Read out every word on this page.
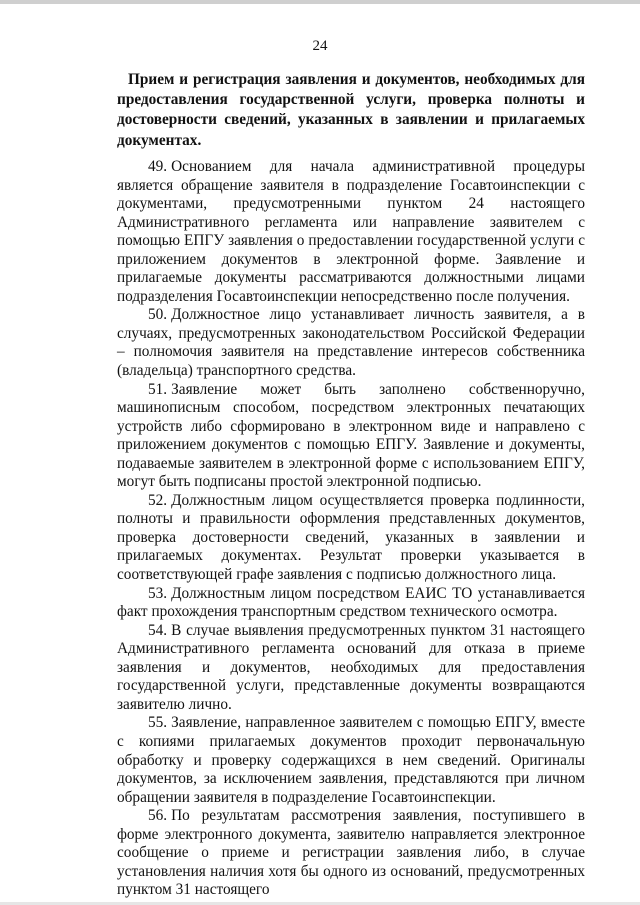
24
Прием и регистрация заявления и документов, необходимых для предоставления государственной услуги, проверка полноты и достоверности сведений, указанных в заявлении и прилагаемых документах.

49. Основанием для начала административной процедуры является обращение заявителя в подразделение Госавтоинспекции с документами, предусмотренными пунктом 24 настоящего Административного регламента или направление заявителем с помощью ЕПГУ заявления о предоставлении государственной услуги с приложением документов в электронной форме. Заявление и прилагаемые документы рассматриваются должностными лицами подразделения Госавтоинспекции непосредственно после получения.

50. Должностное лицо устанавливает личность заявителя, а в случаях, предусмотренных законодательством Российской Федерации – полномочия заявителя на представление интересов собственника (владельца) транспортного средства.

51. Заявление может быть заполнено собственноручно, машинописным способом, посредством электронных печатающих устройств либо сформировано в электронном виде и направлено с приложением документов с помощью ЕПГУ. Заявление и документы, подаваемые заявителем в электронной форме с использованием ЕПГУ, могут быть подписаны простой электронной подписью.

52. Должностным лицом осуществляется проверка подлинности, полноты и правильности оформления представленных документов, проверка достоверности сведений, указанных в заявлении и прилагаемых документах. Результат проверки указывается в соответствующей графе заявления с подписью должностного лица.

53. Должностным лицом посредством ЕАИС ТО устанавливается факт прохождения транспортным средством технического осмотра.

54. В случае выявления предусмотренных пунктом 31 настоящего Административного регламента оснований для отказа в приеме заявления и документов, необходимых для предоставления государственной услуги, представленные документы возвращаются заявителю лично.

55. Заявление, направленное заявителем с помощью ЕПГУ, вместе с копиями прилагаемых документов проходит первоначальную обработку и проверку содержащихся в нем сведений. Оригиналы документов, за исключением заявления, представляются при личном обращении заявителя в подразделение Госавтоинспекции.

56. По результатам рассмотрения заявления, поступившего в форме электронного документа, заявителю направляется электронное сообщение о приеме и регистрации заявления либо, в случае установления наличия хотя бы одного из оснований, предусмотренных пунктом 31 настоящего
